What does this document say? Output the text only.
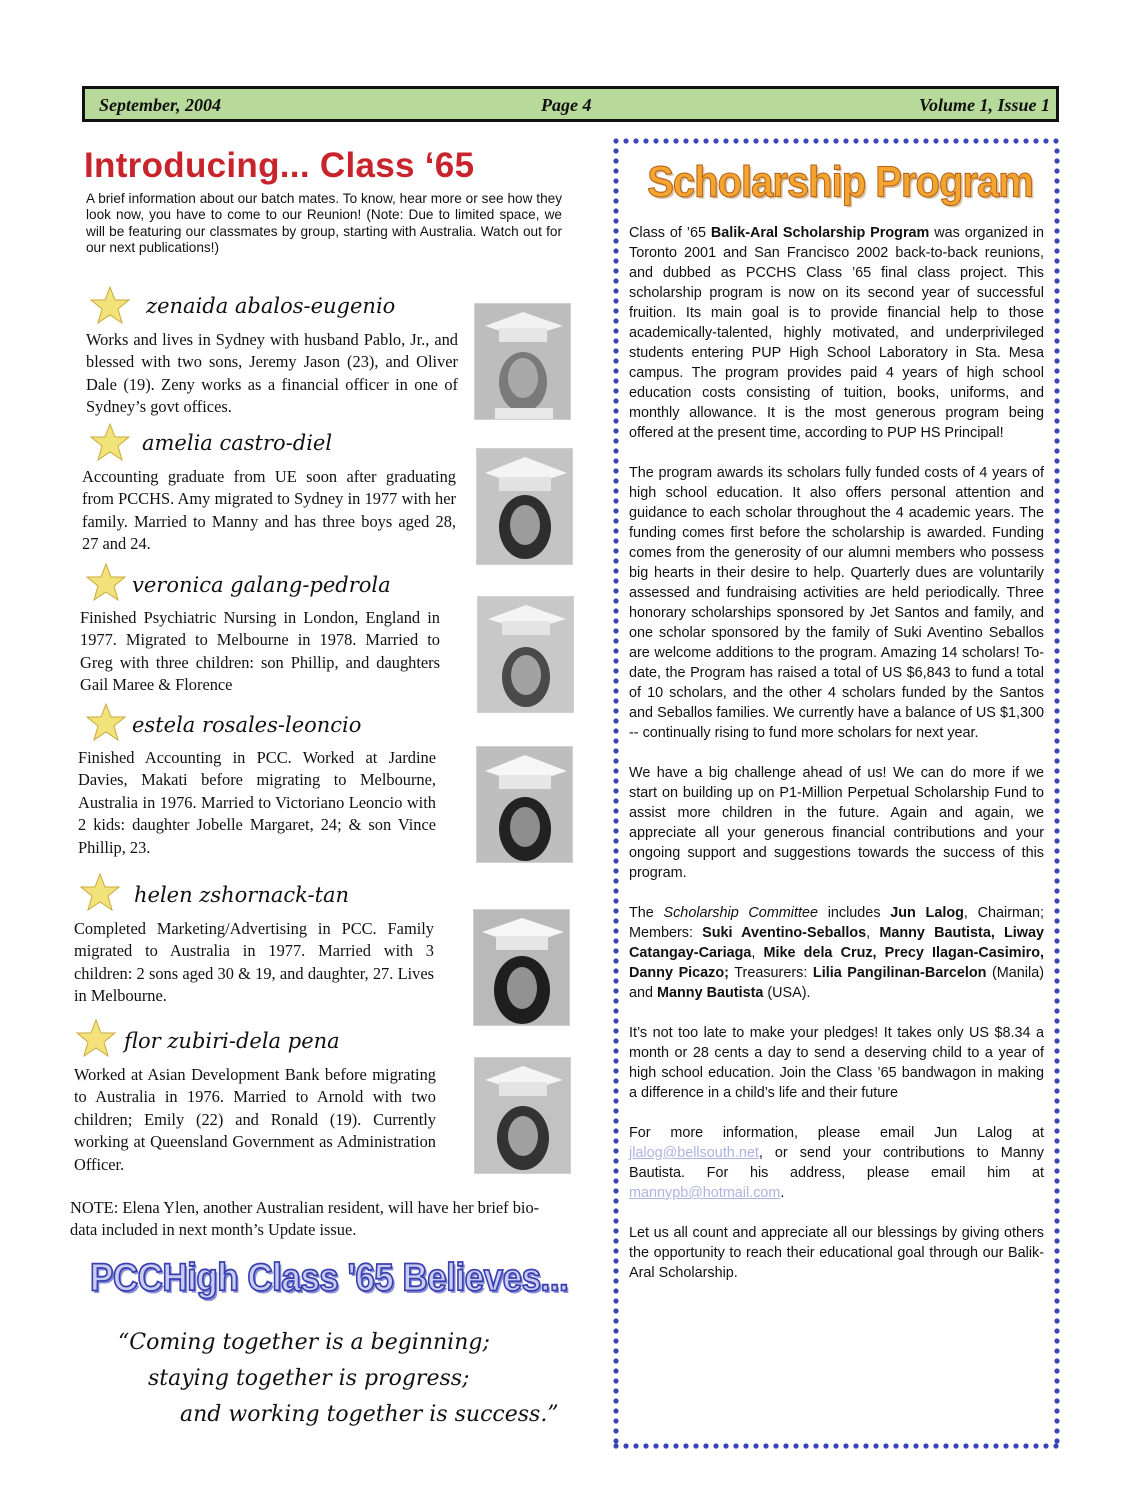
September, 2004	Page 4	Volume 1, Issue 1
Introducing... Class ‘65
A brief information about our batch mates. To know, hear more or see how they look now, you have to come to our Reunion! (Note: Due to limited space, we will be featuring our classmates by group, starting with Australia. Watch out for our next publications!)
zenaida abalos-eugenio
Works and lives in Sydney with husband Pablo, Jr., and blessed with two sons, Jeremy Jason (23), and Oliver Dale (19). Zeny works as a financial officer in one of Sydney’s govt offices.
amelia castro-diel
Accounting graduate from UE soon after graduating from PCCHS. Amy migrated to Sydney in 1977 with her family. Married to Manny and has three boys aged 28, 27 and 24.
veronica galang-pedrola
Finished Psychiatric Nursing in London, England in 1977. Migrated to Melbourne in 1978. Married to Greg with three children: son Phillip, and daughters Gail Maree & Florence
estela rosales-leoncio
Finished Accounting in PCC. Worked at Jardine Davies, Makati before migrating to Melbourne, Australia in 1976. Married to Victoriano Leoncio with 2 kids: daughter Jobelle Margaret, 24; & son Vince Phillip, 23.
helen zshornack-tan
Completed Marketing/Advertising in PCC. Family migrated to Australia in 1977. Married with 3 children: 2 sons aged 30 & 19, and daughter, 27. Lives in Melbourne.
flor zubiri-dela pena
Worked at Asian Development Bank before migrating to Australia in 1976. Married to Arnold with two children; Emily (22) and Ronald (19). Currently working at Queensland Government as Administration Officer.
NOTE: Elena Ylen, another Australian resident, will have her brief bio-data included in next month’s Update issue.
PCCHigh Class '65 Believes...
“Coming together is a beginning;
staying together is progress;
and working together is success.”
Scholarship Program

Class of ’65 Balik-Aral Scholarship Program was organized in Toronto 2001 and San Francisco 2002 back-to-back reunions, and dubbed as PCCHS Class ’65 final class project. This scholarship program is now on its second year of successful fruition. Its main goal is to provide financial help to those academically-talented, highly motivated, and underprivileged students entering PUP High School Laboratory in Sta. Mesa campus. The program provides paid 4 years of high school education costs consisting of tuition, books, uniforms, and monthly allowance. It is the most generous program being offered at the present time, according to PUP HS Principal!

The program awards its scholars fully funded costs of 4 years of high school education. It also offers personal attention and guidance to each scholar throughout the 4 academic years. The funding comes first before the scholarship is awarded. Funding comes from the generosity of our alumni members who possess big hearts in their desire to help. Quarterly dues are voluntarily assessed and fundraising activities are held periodically. Three honorary scholarships sponsored by Jet Santos and family, and one scholar sponsored by the family of Suki Aventino Seballos are welcome additions to the program. Amazing 14 scholars! To-date, the Program has raised a total of US $6,843 to fund a total of 10 scholars, and the other 4 scholars funded by the Santos and Seballos families. We currently have a balance of US $1,300 -- continually rising to fund more scholars for next year.

We have a big challenge ahead of us! We can do more if we start on building up on P1-Million Perpetual Scholarship Fund to assist more children in the future. Again and again, we appreciate all your generous financial contributions and your ongoing support and suggestions towards the success of this program.

The Scholarship Committee includes Jun Lalog, Chairman; Members: Suki Aventino-Seballos, Manny Bautista, Liway Catangay-Cariaga, Mike dela Cruz, Precy Ilagan-Casimiro, Danny Picazo; Treasurers: Lilia Pangilinan-Barcelon (Manila) and Manny Bautista (USA).

It’s not too late to make your pledges! It takes only US $8.34 a month or 28 cents a day to send a deserving child to a year of high school education. Join the Class ’65 bandwagon in making a difference in a child’s life and their future

For more information, please email Jun Lalog at jlalog@bellsouth.net, or send your contributions to Manny Bautista. For his address, please email him at mannypb@hotmail.com.

Let us all count and appreciate all our blessings by giving others the opportunity to reach their educational goal through our Balik-Aral Scholarship.
